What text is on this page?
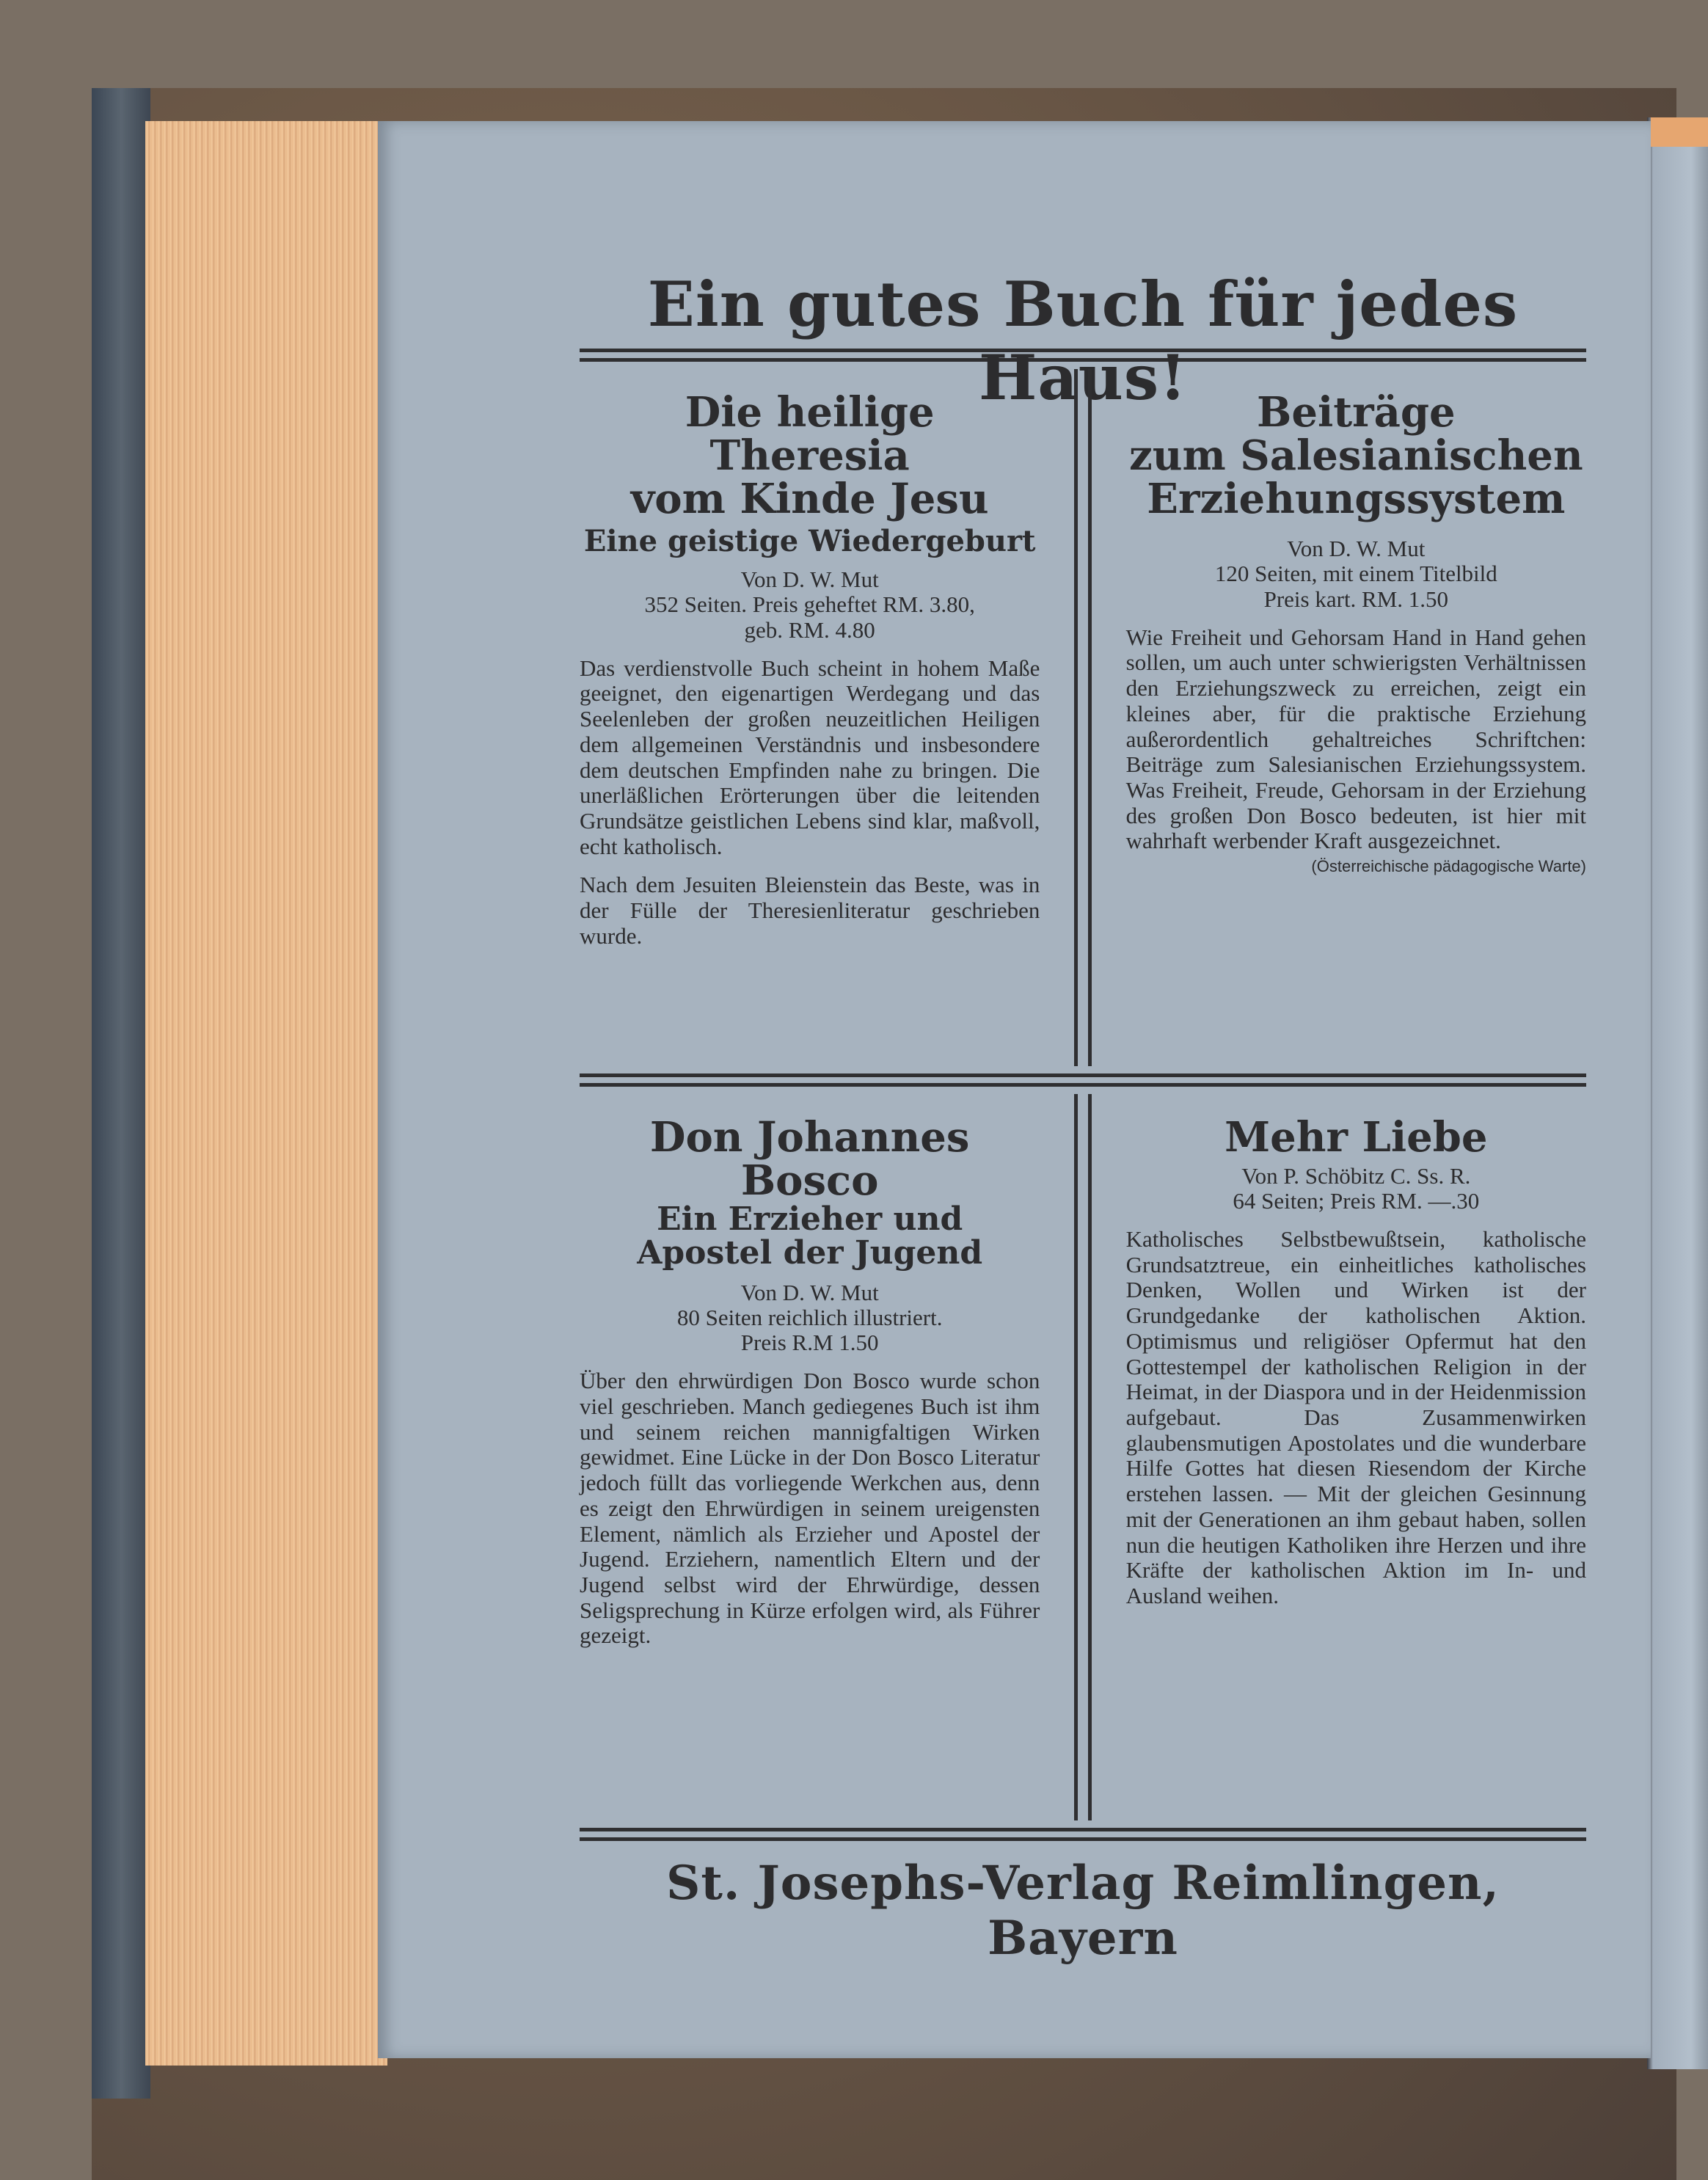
Ein gutes Buch für jedes Haus!

Die heilige Theresia

vom Kinde Jesu

Eine geistige Wiedergeburt

Von D. W. Mut

352 Seiten. Preis geheftet RM. 3.80,

geb. RM. 4.80

Das verdienstvolle Buch scheint in hohem Maße geeignet, den eigenartigen Werdegang und das Seelenleben der großen neuzeitlichen Heiligen dem allgemeinen Verständnis und insbesondere dem deutschen Empfinden nahe zu bringen. Die unerläßlichen Erörterungen über die leitenden Grundsätze geistlichen Lebens sind klar, maßvoll, echt katholisch.

Nach dem Jesuiten Bleienstein das Beste, was in der Fülle der Theresienliteratur geschrieben wurde.

Beiträge

zum Salesianischen

Erziehungssystem

Von D. W. Mut

120 Seiten, mit einem Titelbild

Preis kart. RM. 1.50

Wie Freiheit und Gehorsam Hand in Hand gehen sollen, um auch unter schwierigsten Verhältnissen den Erziehungszweck zu erreichen, zeigt ein kleines aber, für die praktische Erziehung außerordentlich gehaltreiches Schriftchen: Beiträge zum Salesianischen Erziehungssystem. Was Freiheit, Freude, Gehorsam in der Erziehung des großen Don Bosco bedeuten, ist hier mit wahrhaft werbender Kraft ausgezeichnet.

(Österreichische pädagogische Warte)

Don Johannes Bosco

Ein Erzieher und

Apostel der Jugend

Von D. W. Mut

80 Seiten reichlich illustriert.

Preis R.M 1.50

Über den ehrwürdigen Don Bosco wurde schon viel geschrieben. Manch gediegenes Buch ist ihm und seinem reichen mannigfaltigen Wirken gewidmet. Eine Lücke in der Don Bosco Literatur jedoch füllt das vorliegende Werkchen aus, denn es zeigt den Ehrwürdigen in seinem ureigensten Element, nämlich als Erzieher und Apostel der Jugend. Erziehern, namentlich Eltern und der Jugend selbst wird der Ehrwürdige, dessen Seligsprechung in Kürze erfolgen wird, als Führer gezeigt.

Mehr Liebe

Von P. Schöbitz C. Ss. R.

64 Seiten; Preis RM. —.30

Katholisches Selbstbewußtsein, katholische Grundsatztreue, ein einheitliches katholisches Denken, Wollen und Wirken ist der Grundgedanke der katholischen Aktion. Optimismus und religiöser Opfermut hat den Gottestempel der katholischen Religion in der Heimat, in der Diaspora und in der Heidenmission aufgebaut. Das Zusammenwirken glaubensmutigen Apostolates und die wunderbare Hilfe Gottes hat diesen Riesendom der Kirche erstehen lassen. — Mit der gleichen Gesinnung mit der Generationen an ihm gebaut haben, sollen nun die heutigen Katholiken ihre Herzen und ihre Kräfte der katholischen Aktion im In- und Ausland weihen.

St. Josephs-Verlag Reimlingen, Bayern
